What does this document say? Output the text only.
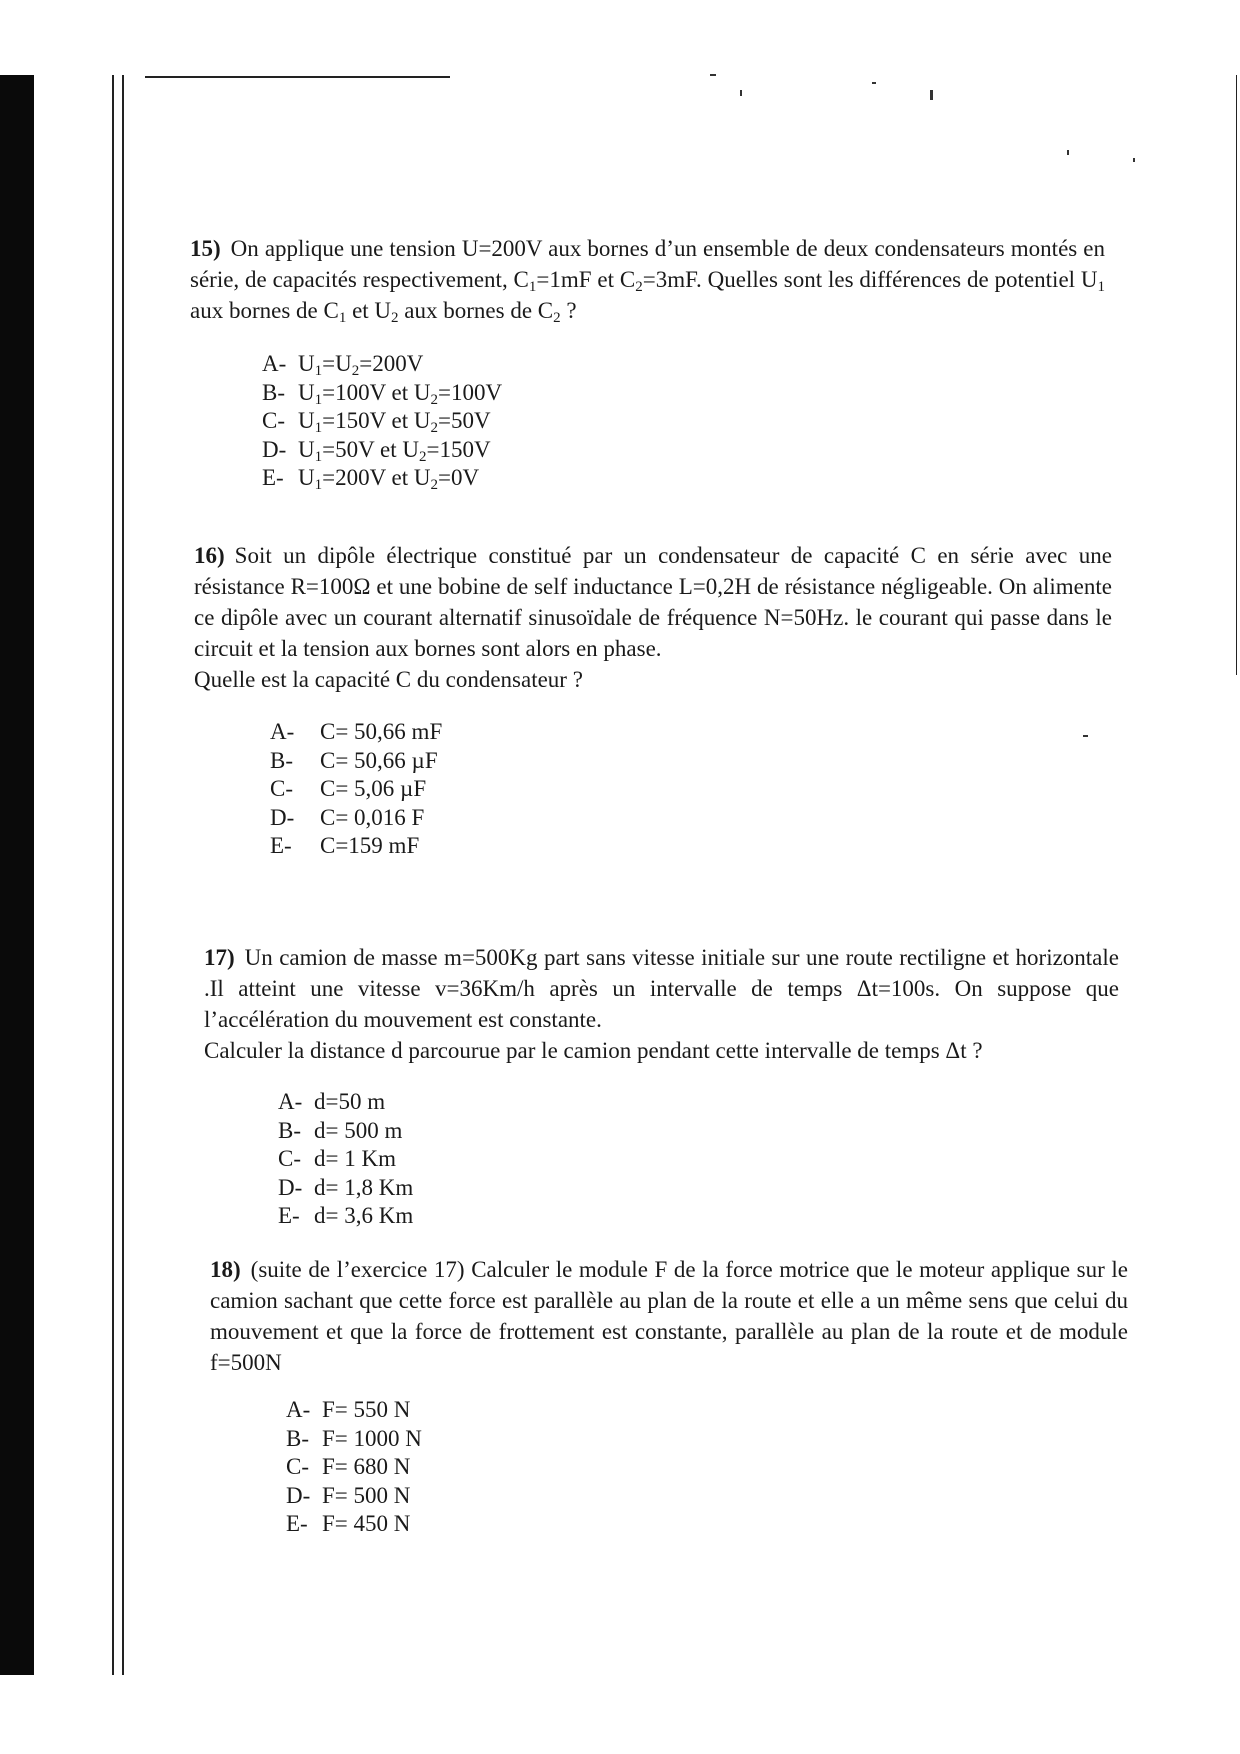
15) On applique une tension U=200V aux bornes d’un ensemble de deux condensateurs montés en série, de capacités respectivement, $C_1=1mF$ et $C_2=3mF$. Quelles sont les différences de potentiel $U_1$ aux bornes de $C_1$ et $U_2$ aux bornes de $C_2$ ?

A- $U_1=U_2=200V$
B- $U_1=100V$ et $U_2=100V$
C- $U_1=150V$ et $U_2=50V$
D- $U_1=50V$ et $U_2=150V$
E- $U_1=200V$ et $U_2=0V$

16) Soit un dipôle électrique constitué par un condensateur de capacité C en série avec une résistance R=100Ω et une bobine de self inductance L=0,2H de résistance négligeable. On alimente ce dipôle avec un courant alternatif sinusoïdale de fréquence N=50Hz. le courant qui passe dans le circuit et la tension aux bornes sont alors en phase.

Quelle est la capacité C du condensateur ?

A- C= 50,66 mF
B- C= 50,66 µF
C- C= 5,06 µF
D- C= 0,016 F
E- C=159 mF

17) Un camion de masse m=500Kg part sans vitesse initiale sur une route rectiligne et horizontale .Il atteint une vitesse v=36Km/h après un intervalle de temps Δt=100s. On suppose que l’accélération du mouvement est constante.

Calculer la distance d parcourue par le camion pendant cette intervalle de temps Δt ?

A- d=50 m
B- d= 500 m
C- d= 1 Km
D- d= 1,8 Km
E- d= 3,6 Km

18) (suite de l’exercice 17) Calculer le module F de la force motrice que le moteur applique sur le camion sachant que cette force est parallèle au plan de la route et elle a un même sens que celui du mouvement et que la force de frottement est constante, parallèle au plan de la route et de module f=500N

A- F= 550 N
B- F= 1000 N
C- F= 680 N
D- F= 500 N
E- F= 450 N
